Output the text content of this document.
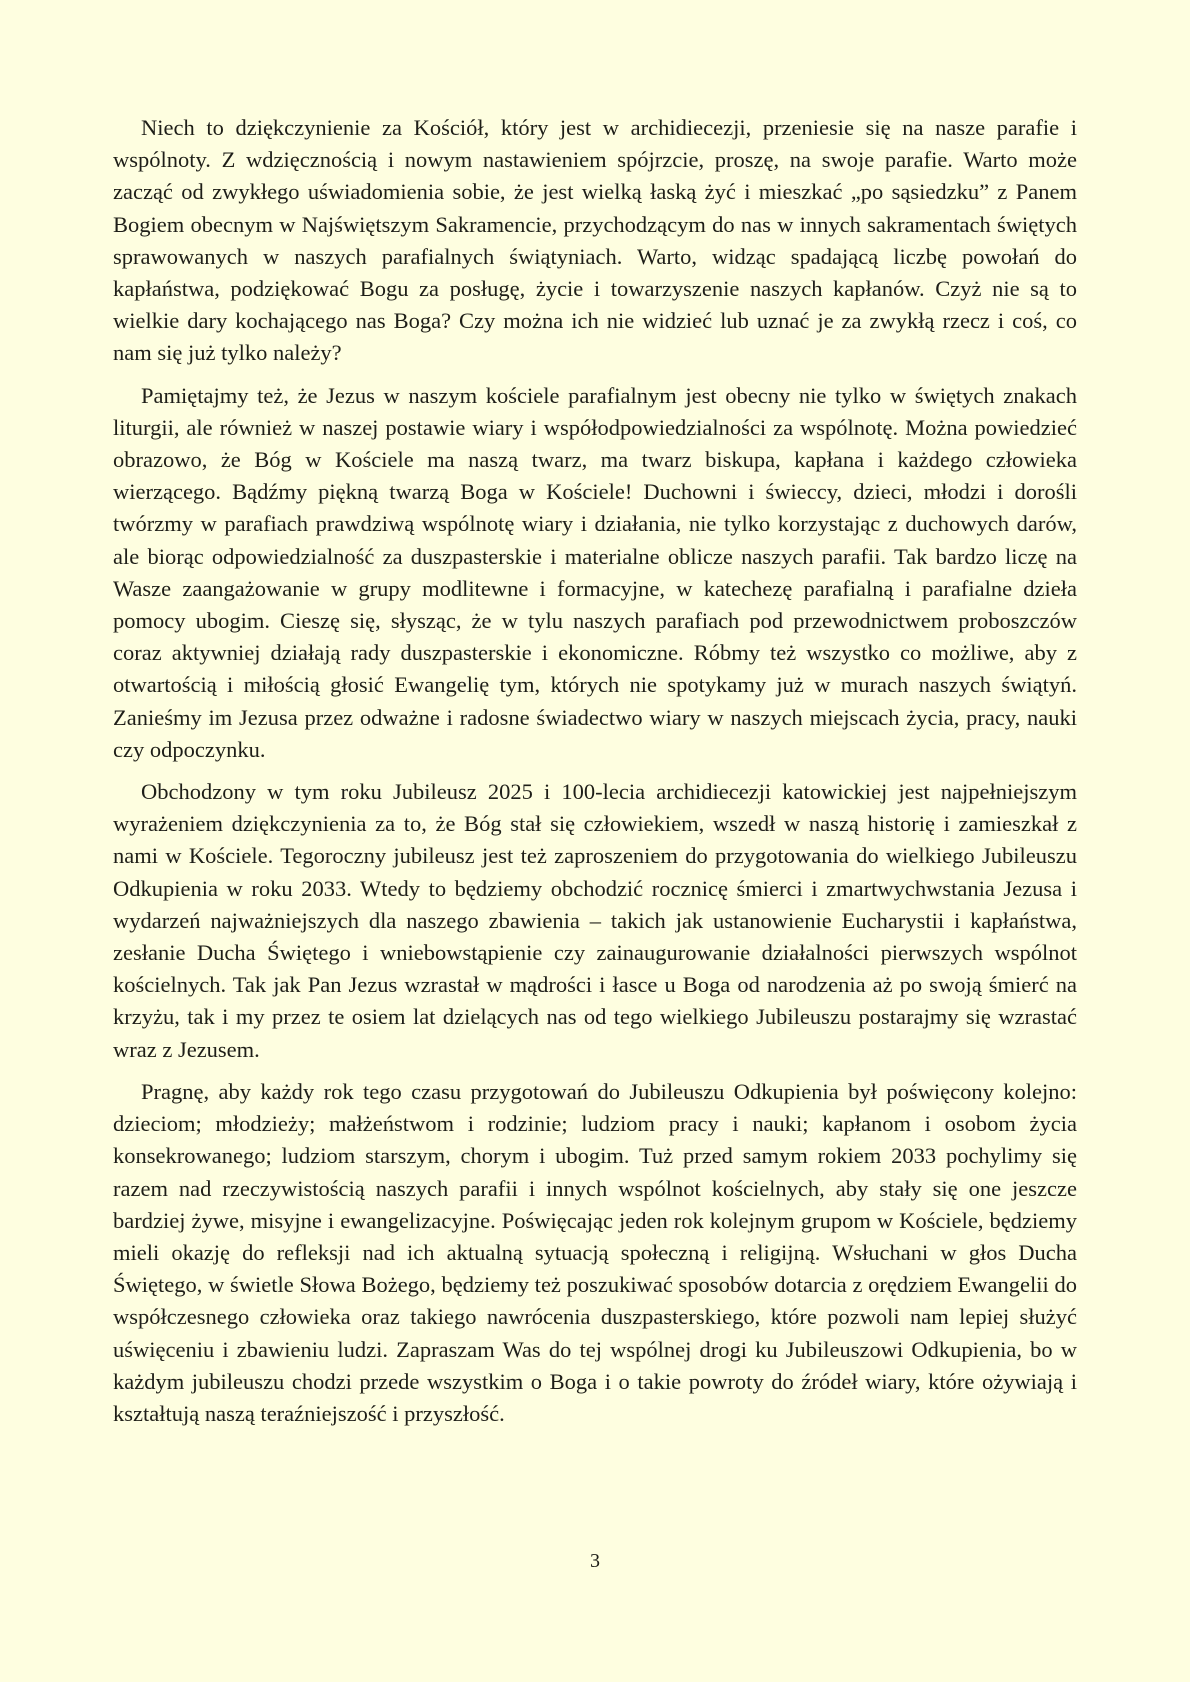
Niech to dziękczynienie za Kościół, który jest w archidiecezji, przeniesie się na nasze parafie i wspólnoty. Z wdzięcznością i nowym nastawieniem spójrzcie, proszę, na swoje parafie. Warto może zacząć od zwykłego uświadomienia sobie, że jest wielką łaską żyć i mieszkać „po sąsiedzku” z Panem Bogiem obecnym w Najświętszym Sakramencie, przychodzącym do nas w innych sakramentach świętych sprawowanych w naszych parafialnych świątyniach. Warto, widząc spadającą liczbę powołań do kapłaństwa, podziękować Bogu za posługę, życie i towarzyszenie naszych kapłanów. Czyż nie są to wielkie dary kochającego nas Boga? Czy można ich nie widzieć lub uznać je za zwykłą rzecz i coś, co nam się już tylko należy?

Pamiętajmy też, że Jezus w naszym kościele parafialnym jest obecny nie tylko w świętych znakach liturgii, ale również w naszej postawie wiary i współodpowiedzialności za wspólnotę. Można powiedzieć obrazowo, że Bóg w Kościele ma naszą twarz, ma twarz biskupa, kapłana i każdego człowieka wierzącego. Bądźmy piękną twarzą Boga w Kościele! Duchowni i świeccy, dzieci, młodzi i dorośli twórzmy w parafiach prawdziwą wspólnotę wiary i działania, nie tylko korzystając z duchowych darów, ale biorąc odpowiedzialność za duszpasterskie i materialne oblicze naszych parafii. Tak bardzo liczę na Wasze zaangażowanie w grupy modlitewne i formacyjne, w katechezę parafialną i parafialne dzieła pomocy ubogim. Cieszę się, słysząc, że w tylu naszych parafiach pod przewodnictwem proboszczów coraz aktywniej działają rady duszpasterskie i ekonomiczne. Róbmy też wszystko co możliwe, aby z otwartością i miłością głosić Ewangelię tym, których nie spotykamy już w murach naszych świątyń. Zanieśmy im Jezusa przez odważne i radosne świadectwo wiary w naszych miejscach życia, pracy, nauki czy odpoczynku.

Obchodzony w tym roku Jubileusz 2025 i 100-lecia archidiecezji katowickiej jest najpełniejszym wyrażeniem dziękczynienia za to, że Bóg stał się człowiekiem, wszedł w naszą historię i zamieszkał z nami w Kościele. Tegoroczny jubileusz jest też zaproszeniem do przygotowania do wielkiego Jubileuszu Odkupienia w roku 2033. Wtedy to będziemy obchodzić rocznicę śmierci i zmartwychwstania Jezusa i wydarzeń najważniejszych dla naszego zbawienia – takich jak ustanowienie Eucharystii i kapłaństwa, zesłanie Ducha Świętego i wniebowstąpienie czy zainaugurowanie działalności pierwszych wspólnot kościelnych. Tak jak Pan Jezus wzrastał w mądrości i łasce u Boga od narodzenia aż po swoją śmierć na krzyżu, tak i my przez te osiem lat dzielących nas od tego wielkiego Jubileuszu postarajmy się wzrastać wraz z Jezusem.

Pragnę, aby każdy rok tego czasu przygotowań do Jubileuszu Odkupienia był poświęcony kolejno: dzieciom; młodzieży; małżeństwom i rodzinie; ludziom pracy i nauki; kapłanom i osobom życia konsekrowanego; ludziom starszym, chorym i ubogim. Tuż przed samym rokiem 2033 pochylimy się razem nad rzeczywistością naszych parafii i innych wspólnot kościelnych, aby stały się one jeszcze bardziej żywe, misyjne i ewangelizacyjne. Poświęcając jeden rok kolejnym grupom w Kościele, będziemy mieli okazję do refleksji nad ich aktualną sytuacją społeczną i religijną. Wsłuchani w głos Ducha Świętego, w świetle Słowa Bożego, będziemy też poszukiwać sposobów dotarcia z orędziem Ewangelii do współczesnego człowieka oraz takiego nawrócenia duszpasterskiego, które pozwoli nam lepiej służyć uświęceniu i zbawieniu ludzi. Zapraszam Was do tej wspólnej drogi ku Jubileuszowi Odkupienia, bo w każdym jubileuszu chodzi przede wszystkim o Boga i o takie powroty do źródeł wiary, które ożywiają i kształtują naszą teraźniejszość i przyszłość.

3
